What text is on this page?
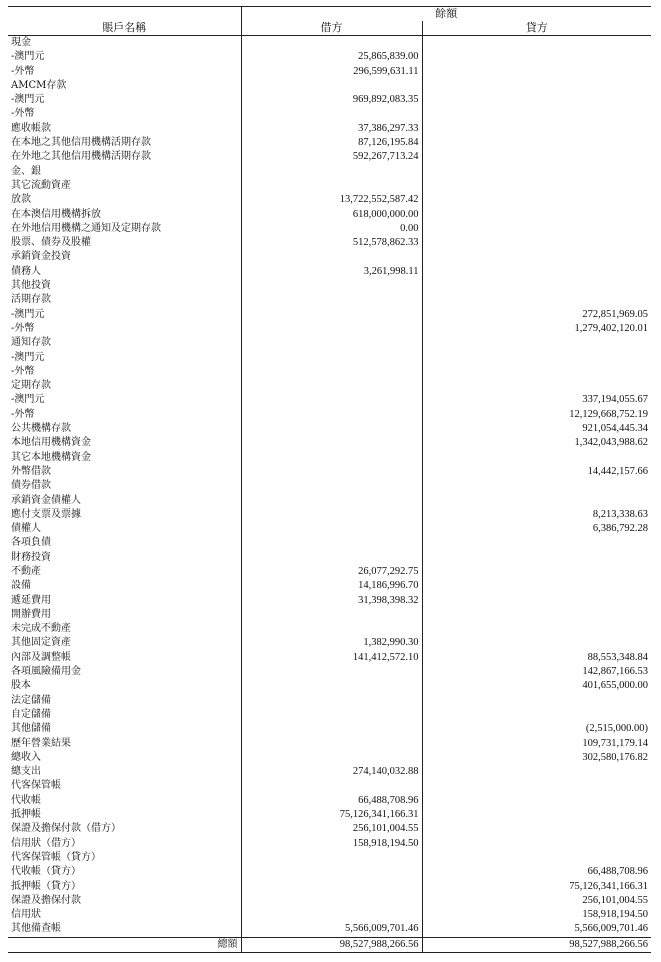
	餘額	
賬戶名稱	借方	貸方
現金		
-澳門元	25,865,839.00	
-外幣	296,599,631.11	
AMCM存款		
-澳門元	969,892,083.35	
-外幣		
應收帳款	37,386,297.33	
在本地之其他信用機構活期存款	87,126,195.84	
在外地之其他信用機構活期存款	592,267,713.24	
金、銀		
其它流動資產		
放款	13,722,552,587.42	
在本澳信用機構拆放	618,000,000.00	
在外地信用機構之通知及定期存款	0.00	
股票、債券及股權	512,578,862.33	
承銷資金投資		
債務人	3,261,998.11	
其他投資		
活期存款		
-澳門元		272,851,969.05
-外幣		1,279,402,120.01
通知存款		
-澳門元		
-外幣		
定期存款		
-澳門元		337,194,055.67
-外幣		12,129,668,752.19
公共機構存款		921,054,445.34
本地信用機構資金		1,342,043,988.62
其它本地機構資金		
外幣借款		14,442,157.66
債券借款		
承銷資金債權人		
應付支票及票據		8,213,338.63
債權人		6,386,792.28
各項負債		
財務投資		
不動產	26,077,292.75	
設備	14,186,996.70	
遞延費用	31,398,398.32	
開辦費用		
未完成不動產		
其他固定資產	1,382,990.30	
內部及調整帳	141,412,572.10	88,553,348.84
各項風險備用金		142,867,166.53
股本		401,655,000.00
法定儲備		
自定儲備		
其他儲備		(2,515,000.00)
歷年營業結果		109,731,179.14
總收入		302,580,176.82
總支出	274,140,032.88	
代客保管帳		
代收帳	66,488,708.96	
抵押帳	75,126,341,166.31	
保證及擔保付款（借方）	256,101,004.55	
信用狀（借方）	158,918,194.50	
代客保管帳（貸方）		
代收帳（貸方）		66,488,708.96
抵押帳（貸方）		75,126,341,166.31
保證及擔保付款		256,101,004.55
信用狀		158,918,194.50
其他備查帳	5,566,009,701.46	5,566,009,701.46
總額	98,527,988,266.56	98,527,988,266.56
